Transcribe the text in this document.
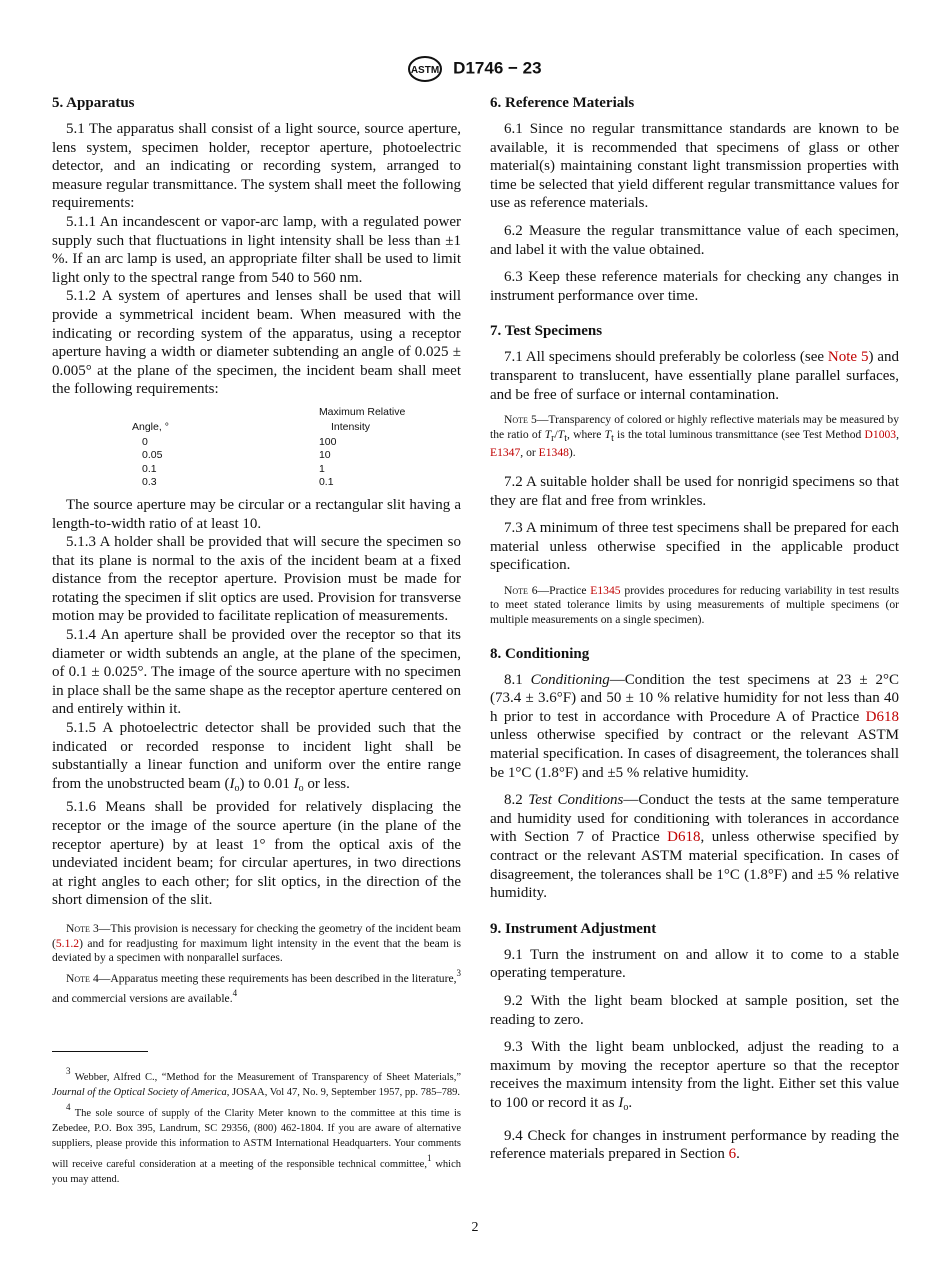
ASTM D1746 − 23
5. Apparatus

5.1 The apparatus shall consist of a light source, source aperture, lens system, specimen holder, receptor aperture, photoelectric detector, and an indicating or recording system, arranged to measure regular transmittance. The system shall meet the following requirements:

5.1.1 An incandescent or vapor-arc lamp, with a regulated power supply such that fluctuations in light intensity shall be less than ±1 %. If an arc lamp is used, an appropriate filter shall be used to limit light only to the spectral range from 540 to 560 nm.

5.1.2 A system of apertures and lenses shall be used that will provide a symmetrical incident beam. When measured with the indicating or recording system of the apparatus, using a receptor aperture having a width or diameter subtending an angle of 0.025 ± 0.005° at the plane of the specimen, the incident beam shall meet the following requirements:

	Maximum Relative
Angle, °	Intensity
0	100
0.05	10
0.1	1
0.3	0.1

The source aperture may be circular or a rectangular slit having a length-to-width ratio of at least 10.

5.1.3 A holder shall be provided that will secure the specimen so that its plane is normal to the axis of the incident beam at a fixed distance from the receptor aperture. Provision must be made for rotating the specimen if slit optics are used. Provision for transverse motion may be provided to facilitate replication of measurements.

5.1.4 An aperture shall be provided over the receptor so that its diameter or width subtends an angle, at the plane of the specimen, of 0.1 ± 0.025°. The image of the source aperture with no specimen in place shall be the same shape as the receptor aperture centered on and entirely within it.

5.1.5 A photoelectric detector shall be provided such that the indicated or recorded response to incident light shall be substantially a linear function and uniform over the entire range from the unobstructed beam $(I_o)$ to 0.01 $I_o$ or less.

5.1.6 Means shall be provided for relatively displacing the receptor or the image of the source aperture (in the plane of the receptor aperture) by at least 1° from the optical axis of the undeviated incident beam; for circular apertures, in two directions at right angles to each other; for slit optics, in the direction of the short dimension of the slit.

Note 3—This provision is necessary for checking the geometry of the incident beam (5.1.2) and for readjusting for maximum light intensity in the event that the beam is deviated by a specimen with nonparallel surfaces.

Note 4—Apparatus meeting these requirements has been described in the literature,$^3$ and commercial versions are available.$^4$

3 Webber, Alfred C., “Method for the Measurement of Transparency of Sheet Materials,” Journal of the Optical Society of America, JOSAA, Vol 47, No. 9, September 1957, pp. 785–789.

4 The sole source of supply of the Clarity Meter known to the committee at this time is Zebedee, P.O. Box 395, Landrum, SC 29356, (800) 462-1804. If you are aware of alternative suppliers, please provide this information to ASTM International Headquarters. Your comments will receive careful consideration at a meeting of the responsible technical committee,1 which you may attend.

6. Reference Materials

6.1 Since no regular transmittance standards are known to be available, it is recommended that specimens of glass or other material(s) maintaining constant light transmission properties with time be selected that yield different regular transmittance values for use as reference materials.

6.2 Measure the regular transmittance value of each specimen, and label it with the value obtained.

6.3 Keep these reference materials for checking any changes in instrument performance over time.

7. Test Specimens

7.1 All specimens should preferably be colorless (see Note 5) and transparent to translucent, have essentially plane parallel surfaces, and be free of surface or internal contamination.

Note 5—Transparency of colored or highly reflective materials may be measured by the ratio of Tr/Tt, where Tt is the total luminous transmittance (see Test Method D1003, E1347, or E1348).

7.2 A suitable holder shall be used for nonrigid specimens so that they are flat and free from wrinkles.

7.3 A minimum of three test specimens shall be prepared for each material unless otherwise specified in the applicable product specification.

Note 6—Practice E1345 provides procedures for reducing variability in test results to meet stated tolerance limits by using measurements of multiple specimens (or multiple measurements on a single specimen).

8. Conditioning

8.1 Conditioning—Condition the test specimens at 23 ± 2°C (73.4 ± 3.6°F) and 50 ± 10 % relative humidity for not less than 40 h prior to test in accordance with Procedure A of Practice D618 unless otherwise specified by contract or the relevant ASTM material specification. In cases of disagreement, the tolerances shall be 1°C (1.8°F) and ±5 % relative humidity.

8.2 Test Conditions—Conduct the tests at the same temperature and humidity used for conditioning with tolerances in accordance with Section 7 of Practice D618, unless otherwise specified by contract or the relevant ASTM material specification. In cases of disagreement, the tolerances shall be 1°C (1.8°F) and ±5 % relative humidity.

9. Instrument Adjustment

9.1 Turn the instrument on and allow it to come to a stable operating temperature.

9.2 With the light beam blocked at sample position, set the reading to zero.

9.3 With the light beam unblocked, adjust the reading to a maximum by moving the receptor aperture so that the receptor receives the maximum intensity from the light. Either set this value to 100 or record it as $I_o$.

9.4 Check for changes in instrument performance by reading the reference materials prepared in Section 6.

2
